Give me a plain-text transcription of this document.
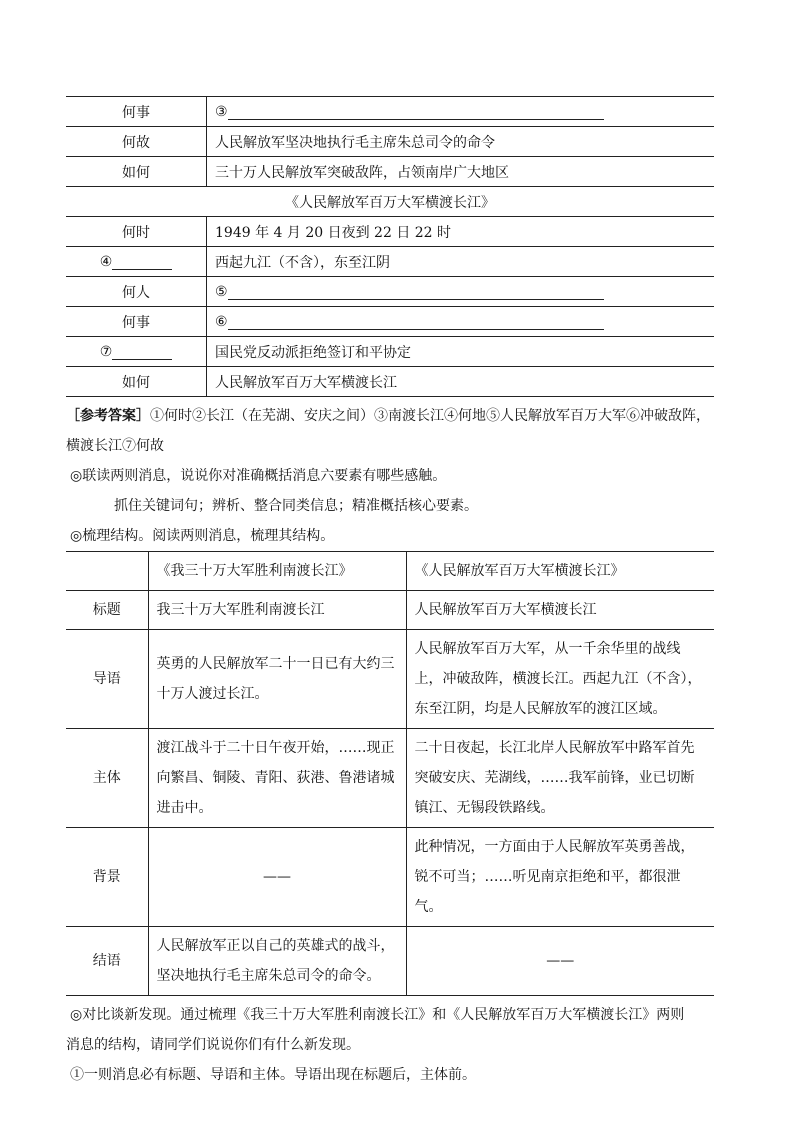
何事	③
何故	人民解放军坚决地执行毛主席朱总司令的命令
如何	三十万人民解放军突破敌阵，占领南岸广大地区
《人民解放军百万大军横渡长江》	
何时	1949 年 4 月 20 日夜到 22 日 22 时
④	西起九江（不含），东至江阴
何人	⑤
何事	⑥
⑦	国民党反动派拒绝签订和平协定
如何	人民解放军百万大军横渡长江

［参考答案］①何时②长江（在芜湖、安庆之间）③南渡长江④何地⑤人民解放军百万大军⑥冲破敌阵，

横渡长江⑦何故

◎联读两则消息，说说你对准确概括消息六要素有哪些感触。

抓住关键词句；辨析、整合同类信息；精准概括核心要素。

◎梳理结构。阅读两则消息，梳理其结构。

	《我三十万大军胜利南渡长江》	《人民解放军百万大军横渡长江》
标题	我三十万大军胜利南渡长江	人民解放军百万大军横渡长江
导语	英勇的人民解放军二十一日已有大约三十万人渡过长江。	人民解放军百万大军，从一千余华里的战线上，冲破敌阵，横渡长江。西起九江（不含），东至江阴，均是人民解放军的渡江区域。
主体	渡江战斗于二十日午夜开始，……现正向繁昌、铜陵、青阳、荻港、鲁港诸城进击中。	二十日夜起，长江北岸人民解放军中路军首先突破安庆、芜湖线，……我军前锋，业已切断镇江、无锡段铁路线。
背景	——	此种情况，一方面由于人民解放军英勇善战，锐不可当；……听见南京拒绝和平，都很泄气。
结语	人民解放军正以自己的英雄式的战斗，坚决地执行毛主席朱总司令的命令。	——

◎对比谈新发现。通过梳理《我三十万大军胜利南渡长江》和《人民解放军百万大军横渡长江》两则

消息的结构，请同学们说说你们有什么新发现。

①一则消息必有标题、导语和主体。导语出现在标题后，主体前。
